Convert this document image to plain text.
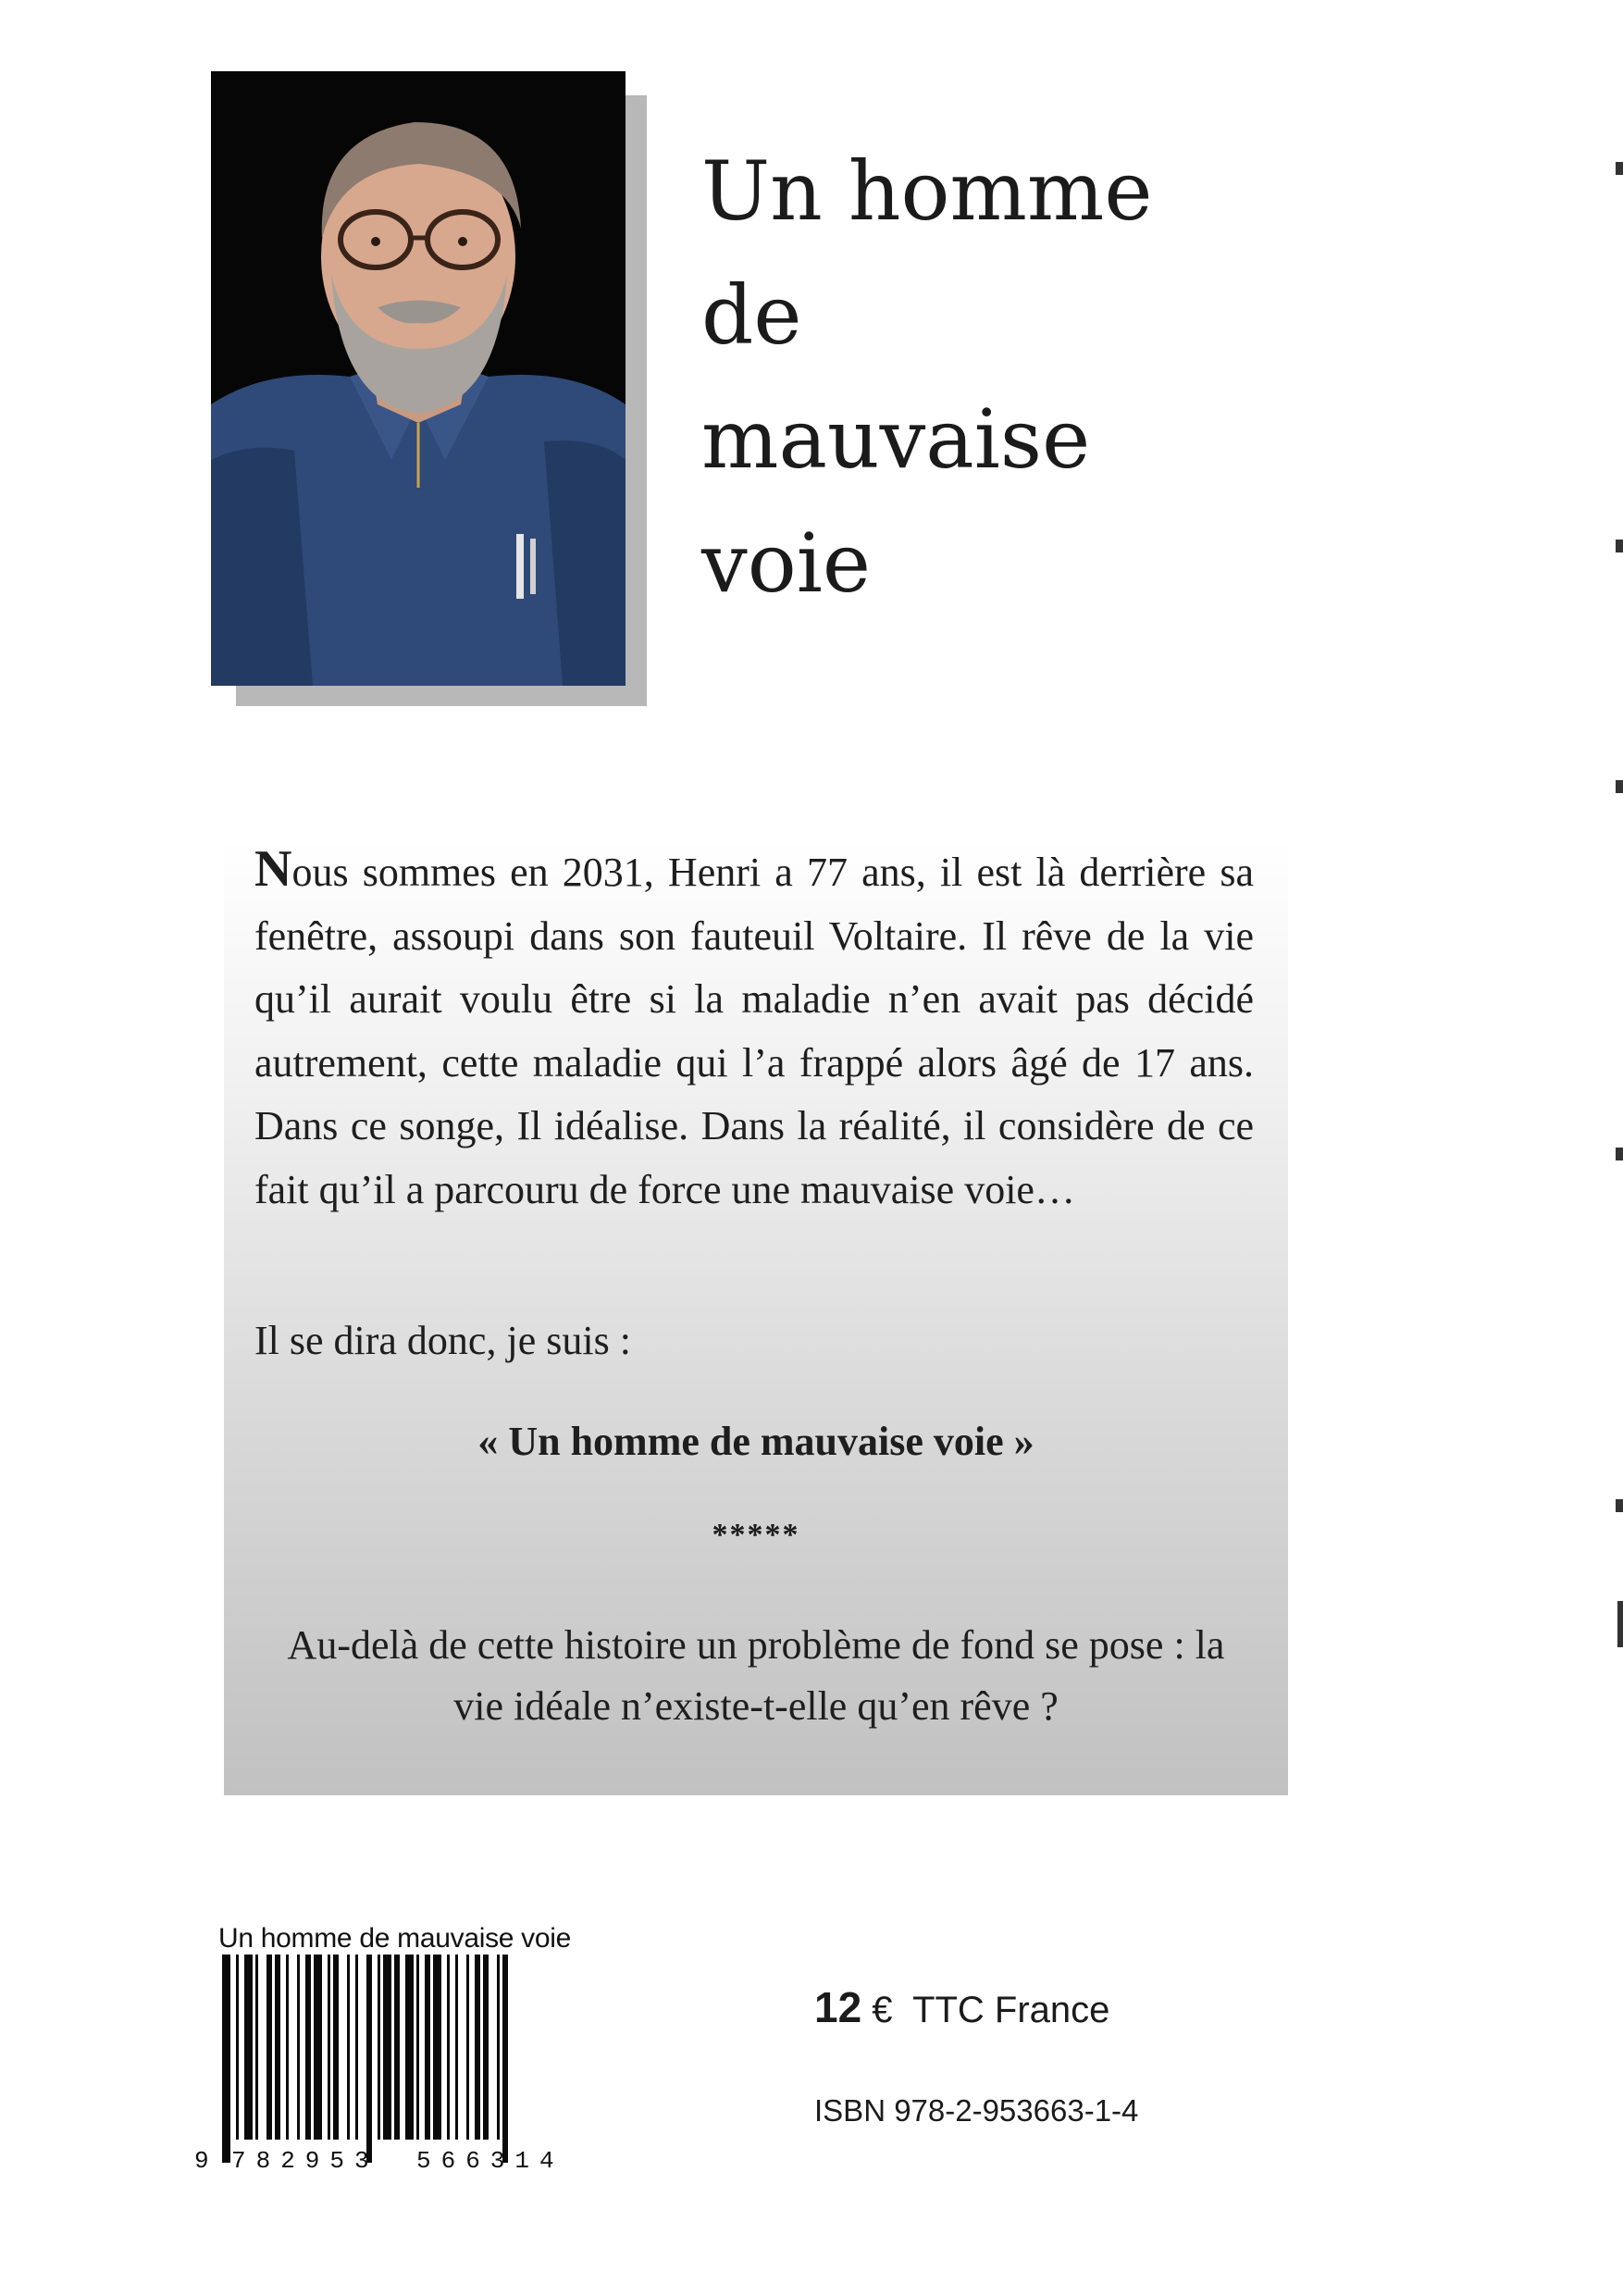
Un homme
de
mauvaise
voie
Nous sommes en 2031, Henri a 77 ans, il est là derrière sa fenêtre, assoupi dans son fauteuil Voltaire. Il rêve de la vie qu’il aurait voulu être si la maladie n’en avait pas décidé autrement, cette maladie qui l’a frappé alors âgé de 17 ans. Dans ce songe, Il idéalise. Dans la réalité, il considère de ce fait qu’il a parcouru de force une mauvaise voie…
Il se dira donc, je suis :
« Un homme de mauvaise voie »
*****
Au-delà de cette histoire un problème de fond se pose : la vie idéale n’existe-t-elle qu’en rêve ?
Un homme de mauvaise voie
9 782953 566314
12 € TTC France
ISBN 978-2-953663-1-4
